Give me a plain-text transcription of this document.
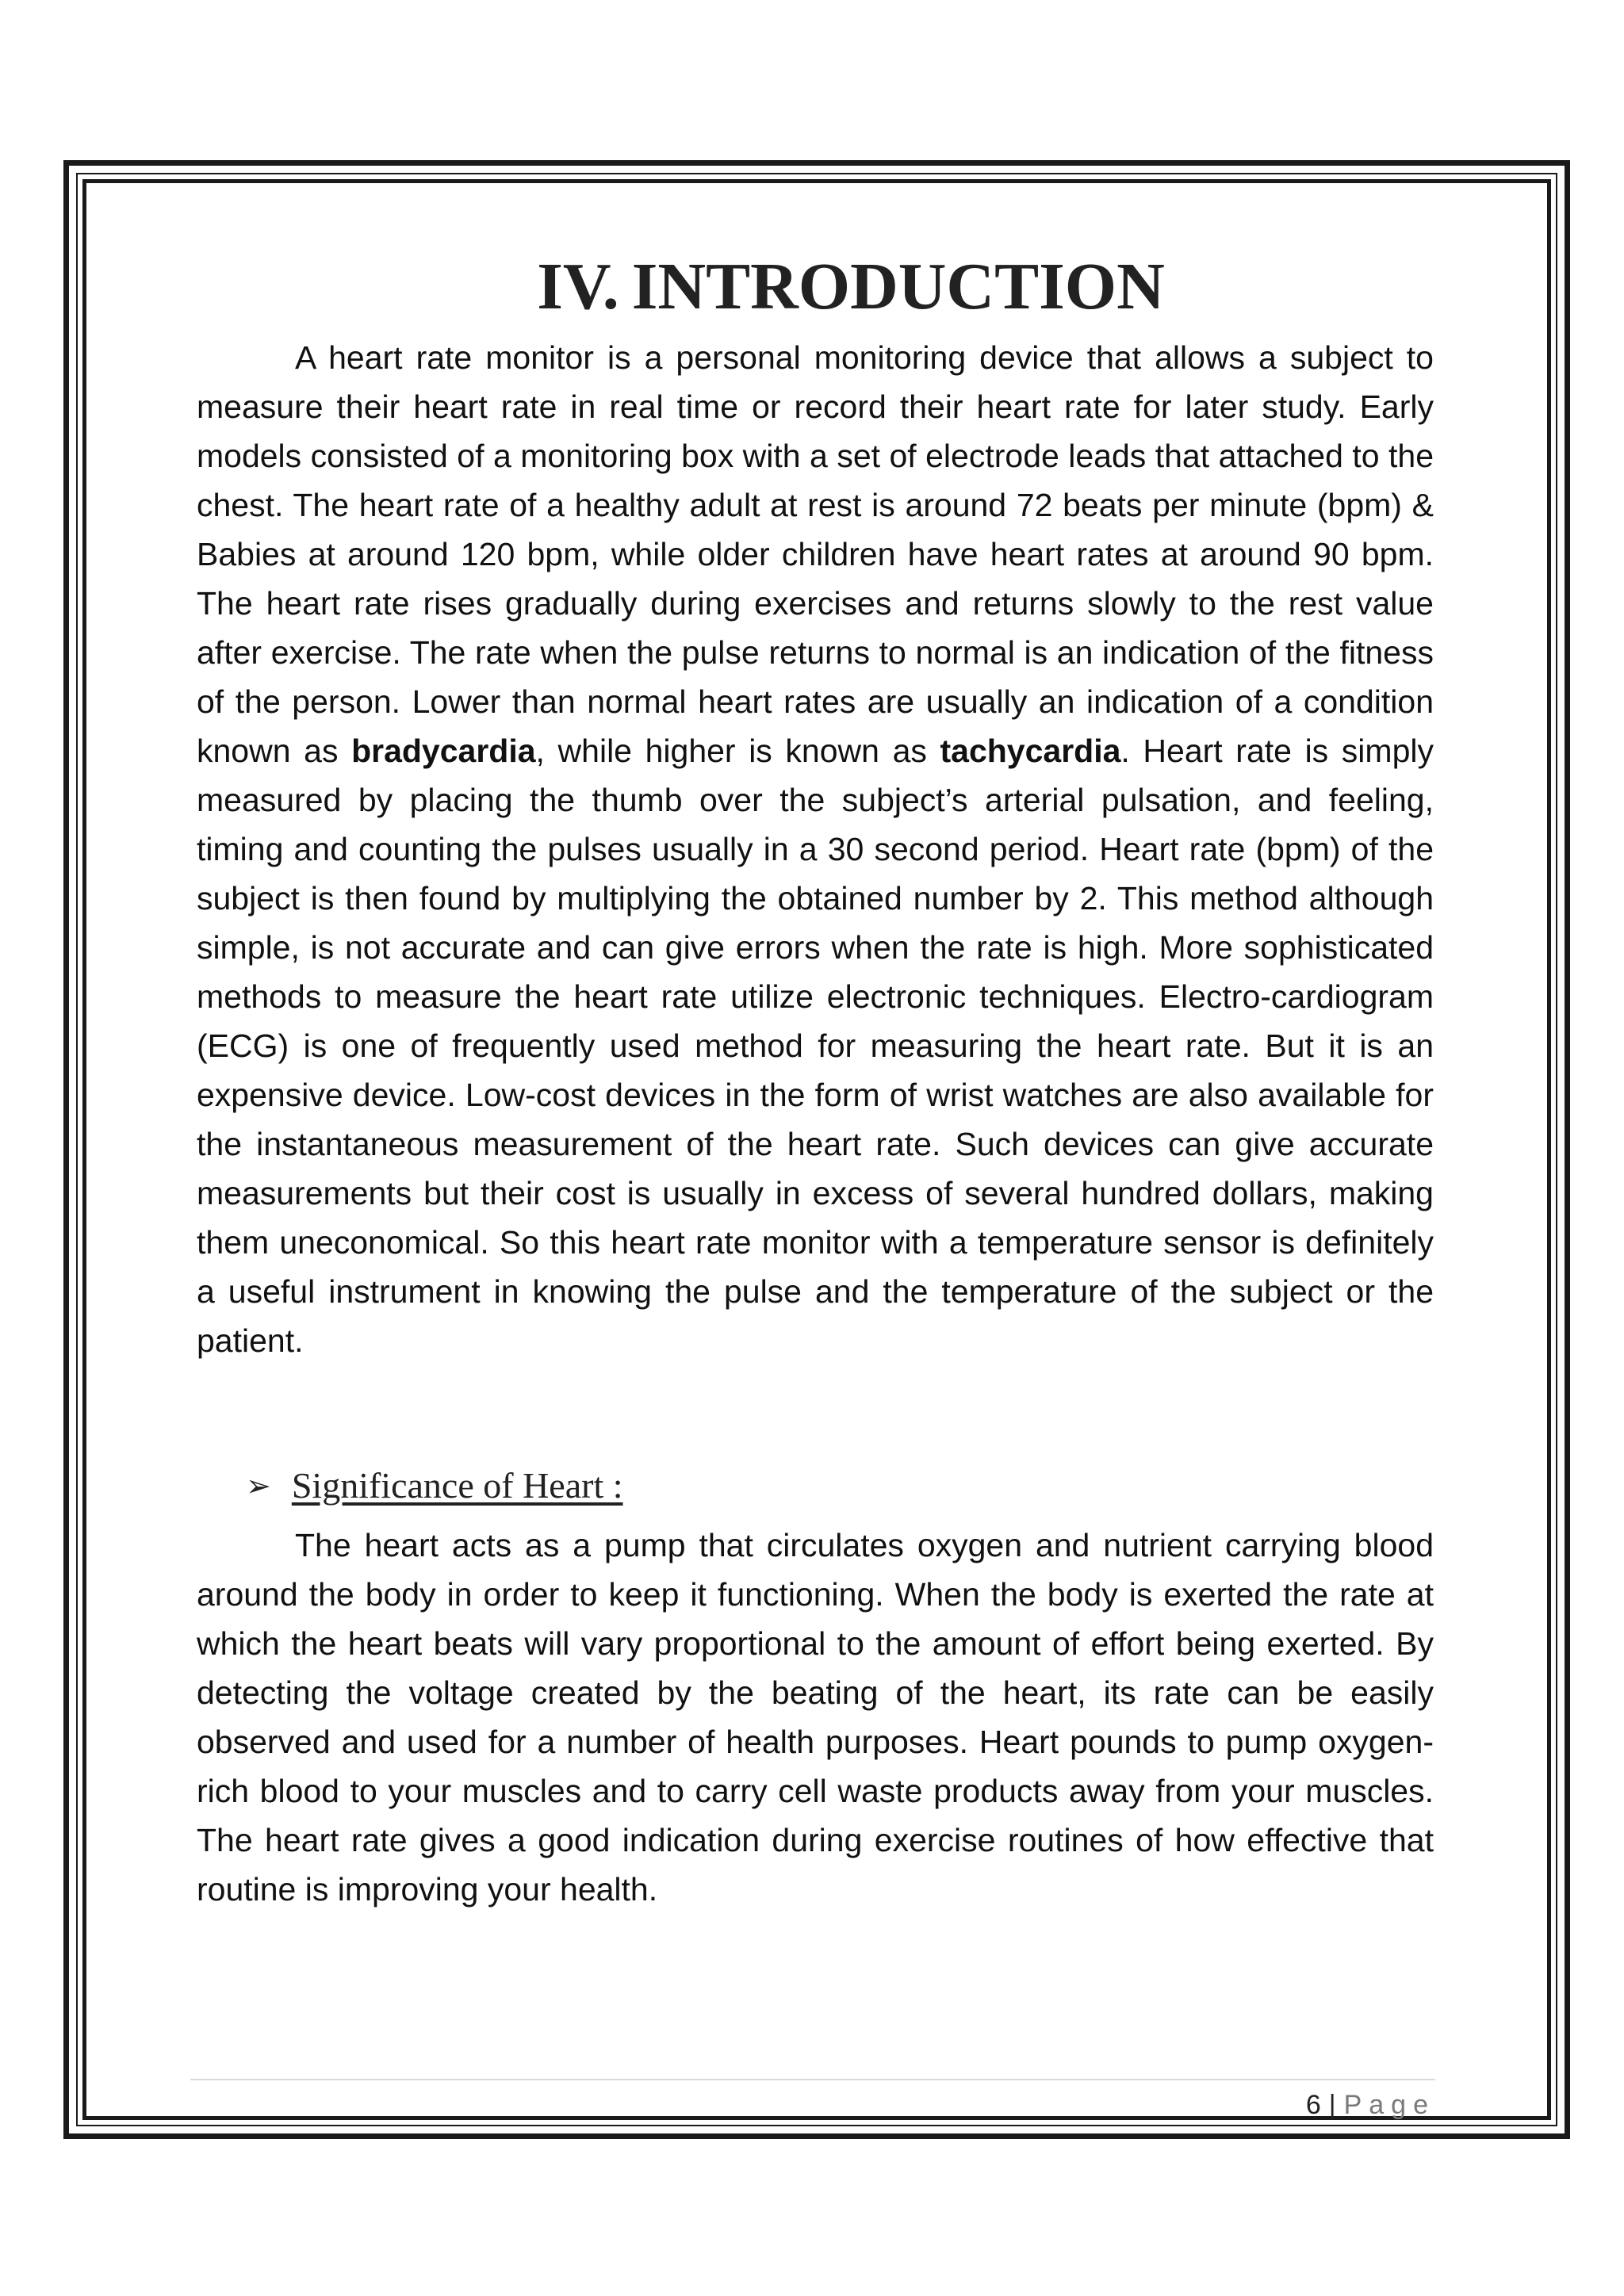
IV. INTRODUCTION

A heart rate monitor is a personal monitoring device that allows a subject to measure their heart rate in real time or record their heart rate for later study. Early models consisted of a monitoring box with a set of electrode leads that attached to the chest. The heart rate of a healthy adult at rest is around 72 beats per minute (bpm) & Babies at around 120 bpm, while older children have heart rates at around 90 bpm. The heart rate rises gradually during exercises and returns slowly to the rest value after exercise. The rate when the pulse returns to normal is an indication of the fitness of the person. Lower than normal heart rates are usually an indication of a condition known as bradycardia, while higher is known as tachycardia. Heart rate is simply measured by placing the thumb over the subject’s arterial pulsation, and feeling, timing and counting the pulses usually in a 30 second period. Heart rate (bpm) of the subject is then found by multiplying the obtained number by 2. This method although simple, is not accurate and can give errors when the rate is high. More sophisticated methods to measure the heart rate utilize electronic techniques. Electro-cardiogram (ECG) is one of frequently used method for measuring the heart rate. But it is an expensive device. Low-cost devices in the form of wrist watches are also available for the instantaneous measurement of the heart rate. Such devices can give accurate measurements but their cost is usually in excess of several hundred dollars, making them uneconomical. So this heart rate monitor with a temperature sensor is definitely a useful instrument in knowing the pulse and the temperature of the subject or the patient.

➢ Significance of Heart :

The heart acts as a pump that circulates oxygen and nutrient carrying blood around the body in order to keep it functioning. When the body is exerted the rate at which the heart beats will vary proportional to the amount of effort being exerted. By detecting the voltage created by the beating of the heart, its rate can be easily observed and used for a number of health purposes. Heart pounds to pump oxygen-rich blood to your muscles and to carry cell waste products away from your muscles. The heart rate gives a good indication during exercise routines of how effective that routine is improving your health.

6 | Page
